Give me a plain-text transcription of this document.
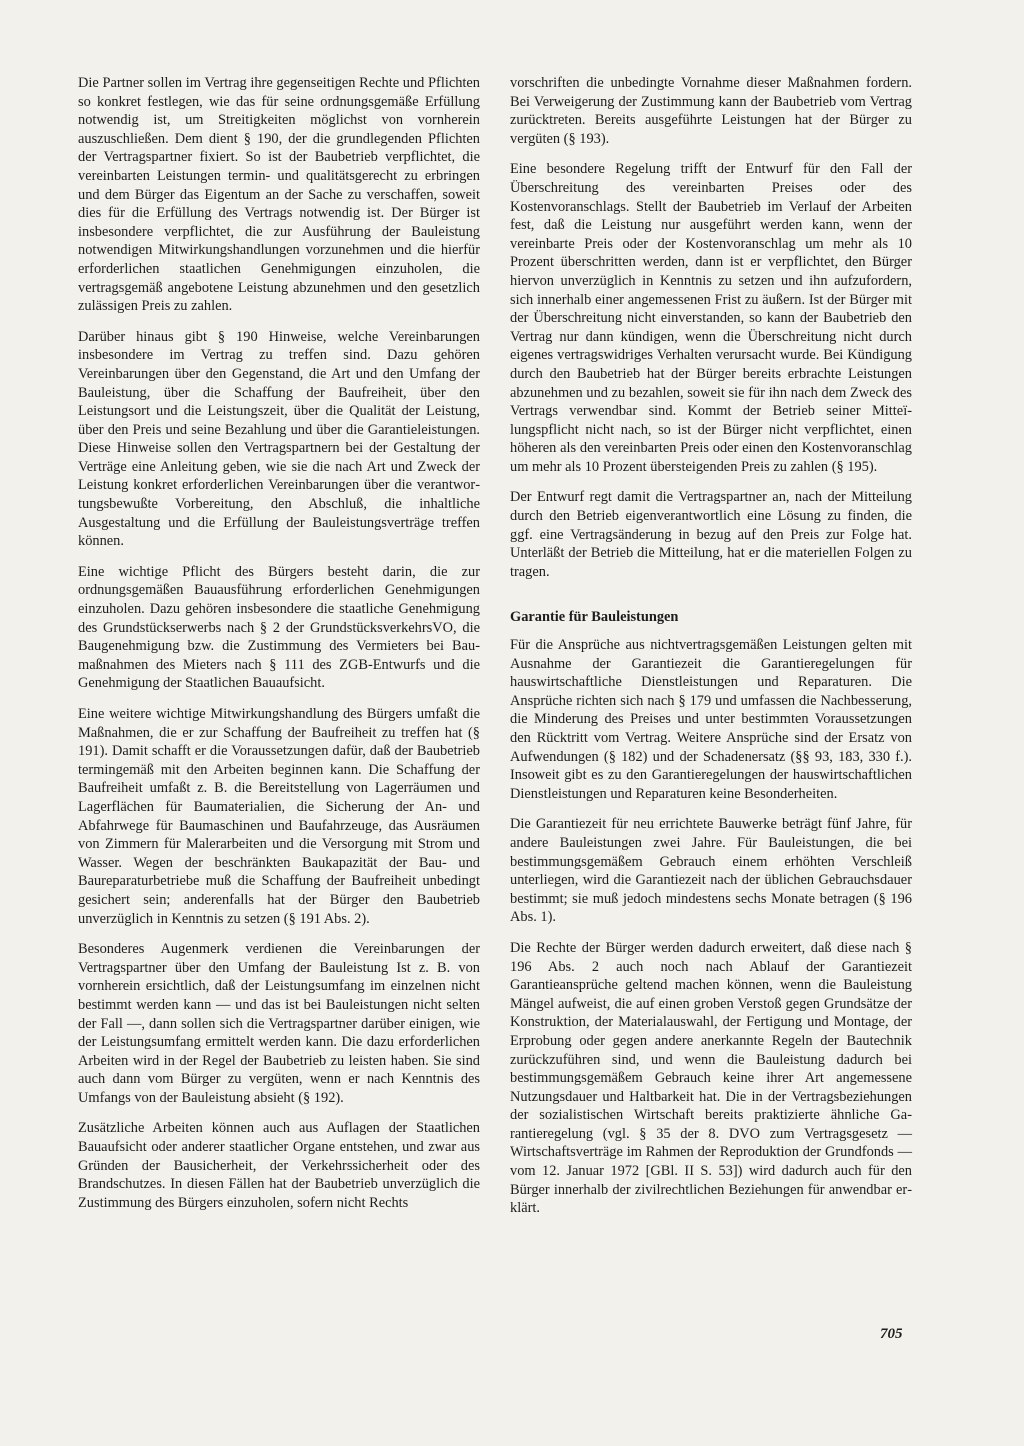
Die Partner sollen im Vertrag ihre gegenseitigen Rechte und Pflichten so konkret festlegen, wie das für seine ordnungsgemäße Erfüllung notwendig ist, um Streitigkeiten möglichst von vornherein auszuschließen. Dem dient § 190, der die grundlegenden Pflichten der Vertragspartner fixiert. So ist der Baubetrieb verpflichtet, die vereinbarten Leistungen termin- und qualitätsgerecht zu erbringen und dem Bürger das Eigentum an der Sache zu verschaffen, soweit dies für die Erfüllung des Vertrags notwendig ist. Der Bürger ist insbesondere verpflichtet, die zur Ausführung der Bauleistung notwendigen Mitwirkungshandlungen vorzunehmen und die hierfür erforderlichen staatlichen Genehmigungen einzuholen, die vertragsgemäß angebotene Leistung abzunehmen und den gesetzlich zulässigen Preis zu zahlen.

Darüber hinaus gibt § 190 Hinweise, welche Vereinbarungen insbesondere im Vertrag zu treffen sind. Dazu gehören Vereinbarungen über den Gegenstand, die Art und den Umfang der Bauleistung, über die Schaffung der Baufreiheit, über den Leistungsort und die Leistungszeit, über die Qualität der Leistung, über den Preis und seine Bezahlung und über die Garantieleistungen. Diese Hinweise sollen den Vertragspartnern bei der Gestaltung der Verträge eine Anleitung geben, wie sie die nach Art und Zweck der Leistung konkret erforderlichen Vereinbarungen über die verantwortungsbewußte Vorbereitung, den Abschluß, die inhaltliche Ausgestaltung und die Erfüllung der Bauleistungsverträge treffen können.

Eine wichtige Pflicht des Bürgers besteht darin, die zur ordnungsgemäßen Bauausführung erforderlichen Genehmigungen einzuholen. Dazu gehören insbesondere die staatliche Genehmigung des Grundstückserwerbs nach § 2 der GrundstücksverkehrsVO, die Baugenehmigung bzw. die Zustimmung des Vermieters bei Baumaßnahmen des Mieters nach § 111 des ZGB-Entwurfs und die Genehmigung der Staatlichen Bauaufsicht.

Eine weitere wichtige Mitwirkungshandlung des Bürgers umfaßt die Maßnahmen, die er zur Schaffung der Baufreiheit zu treffen hat (§ 191). Damit schafft er die Voraussetzungen dafür, daß der Baubetrieb termingemäß mit den Arbeiten beginnen kann. Die Schaffung der Baufreiheit umfaßt z. B. die Bereitstellung von Lagerräumen und Lagerflächen für Baumaterialien, die Sicherung der An- und Abfahrwege für Baumaschinen und Baufahrzeuge, das Ausräumen von Zimmern für Malerarbeiten und die Versorgung mit Strom und Wasser. Wegen der beschränkten Baukapazität der Bau- und Baureparaturbetriebe muß die Schaffung der Baufreiheit unbedingt gesichert sein; anderenfalls hat der Bürger den Baubetrieb unverzüglich in Kenntnis zu setzen (§ 191 Abs. 2).

Besonderes Augenmerk verdienen die Vereinbarungen der Vertragspartner über den Umfang der Bauleistung Ist z. B. von vornherein ersichtlich, daß der Leistungsumfang im einzelnen nicht bestimmt werden kann — und das ist bei Bauleistungen nicht selten der Fall —, dann sollen sich die Vertragspartner darüber einigen, wie der Leistungsumfang ermittelt werden kann. Die dazu erforderlichen Arbeiten wird in der Regel der Baubetrieb zu leisten haben. Sie sind auch dann vom Bürger zu vergüten, wenn er nach Kenntnis des Umfangs von der Bauleistung absieht (§ 192).

Zusätzliche Arbeiten können auch aus Auflagen der Staatlichen Bauaufsicht oder anderer staatlicher Organe entstehen, und zwar aus Gründen der Bausicherheit, der Verkehrssicherheit oder des Brandschutzes. In diesen Fällen hat der Baubetrieb unverzüglich die Zustimmung des Bürgers einzuholen, sofern nicht Rechts

vorschriften die unbedingte Vornahme dieser Maßnahmen fordern. Bei Verweigerung der Zustimmung kann der Baubetrieb vom Vertrag zurücktreten. Bereits ausgeführte Leistungen hat der Bürger zu vergüten (§ 193).

Eine besondere Regelung trifft der Entwurf für den Fall der Überschreitung des vereinbarten Preises oder des Kostenvoranschlags. Stellt der Baubetrieb im Verlauf der Arbeiten fest, daß die Leistung nur ausgeführt werden kann, wenn der vereinbarte Preis oder der Kostenvoranschlag um mehr als 10 Prozent überschritten werden, dann ist er verpflichtet, den Bürger hiervon unverzüglich in Kenntnis zu setzen und ihn aufzufordern, sich innerhalb einer angemessenen Frist zu äußern. Ist der Bürger mit der Überschreitung nicht einverstanden, so kann der Baubetrieb den Vertrag nur dann kündigen, wenn die Überschreitung nicht durch eigenes vertragswidriges Verhalten verursacht wurde. Bei Kündigung durch den Baubetrieb hat der Bürger bereits erbrachte Leistungen abzunehmen und zu bezahlen, soweit sie für ihn nach dem Zweck des Vertrags verwendbar sind. Kommt der Betrieb seiner Mitteïlungspflicht nicht nach, so ist der Bürger nicht verpflichtet, einen höheren als den vereinbarten Preis oder einen den Kostenvoranschlag um mehr als 10 Prozent übersteigenden Preis zu zahlen (§ 195).

Der Entwurf regt damit die Vertragspartner an, nach der Mitteilung durch den Betrieb eigenverantwortlich eine Lösung zu finden, die ggf. eine Vertragsänderung in bezug auf den Preis zur Folge hat. Unterläßt der Betrieb die Mitteilung, hat er die materiellen Folgen zu tragen.

Garantie für Bauleistungen

Für die Ansprüche aus nichtvertragsgemäßen Leistungen gelten mit Ausnahme der Garantiezeit die Garantieregelungen für hauswirtschaftliche Dienstleistungen und Reparaturen. Die Ansprüche richten sich nach § 179 und umfassen die Nachbesserung, die Minderung des Preises und unter bestimmten Voraussetzungen den Rücktritt vom Vertrag. Weitere Ansprüche sind der Ersatz von Aufwendungen (§ 182) und der Schadenersatz (§§ 93, 183, 330 f.). Insoweit gibt es zu den Garantieregelungen der hauswirtschaftlichen Dienstleistungen und Reparaturen keine Besonderheiten.

Die Garantiezeit für neu errichtete Bauwerke beträgt fünf Jahre, für andere Bauleistungen zwei Jahre. Für Bauleistungen, die bei bestimmungsgemäßem Gebrauch einem erhöhten Verschleiß unterliegen, wird die Garantiezeit nach der üblichen Gebrauchsdauer bestimmt; sie muß jedoch mindestens sechs Monate betragen (§ 196 Abs. 1).

Die Rechte der Bürger werden dadurch erweitert, daß diese nach § 196 Abs. 2 auch noch nach Ablauf der Garantiezeit Garantieansprüche geltend machen können, wenn die Bauleistung Mängel aufweist, die auf einen groben Verstoß gegen Grundsätze der Konstruktion, der Materialauswahl, der Fertigung und Montage, der Erprobung oder gegen andere anerkannte Regeln der Bautechnik zurückzuführen sind, und wenn die Bauleistung dadurch bei bestimmungsgemäßem Gebrauch keine ihrer Art angemessene Nutzungsdauer und Haltbarkeit hat. Die in der Vertragsbeziehungen der sozialistischen Wirtschaft bereits praktizierte ähnliche Garantieregelung (vgl. § 35 der 8. DVO zum Vertragsgesetz — Wirtschaftsverträge im Rahmen der Reproduktion der Grundfonds — vom 12. Januar 1972 [GBl. II S. 53]) wird dadurch auch für den Bürger innerhalb der zivilrechtlichen Beziehungen für anwendbar erklärt.

705
